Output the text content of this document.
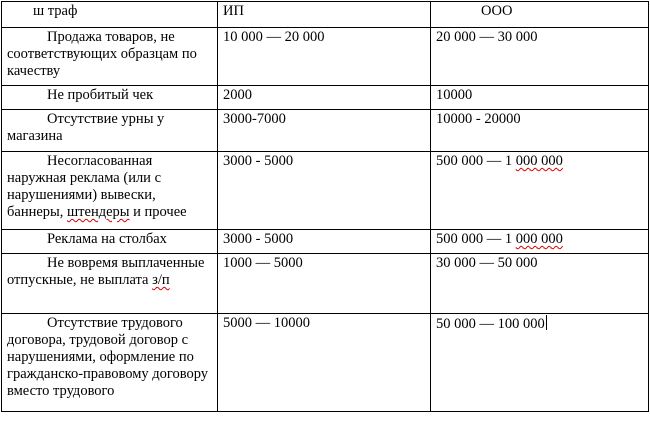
ш траф	ИП	ООО
Продажа товаров, не соответствующих образцам по качеству	10 000 — 20 000	20 000 — 30 000
Не пробитый чек	2000	10000
Отсутствие урны у магазина	3000-7000	10000 - 20000
Несогласованная наружная реклама (или с нарушениями) вывески, баннеры, штендеры и прочее	3000 - 5000	500 000 — 1 000 000
Реклама на столбах	3000 - 5000	500 000 — 1 000 000
Не вовремя выплаченные отпускные, не выплата з/п	1000 — 5000	30 000 — 50 000
Отсутствие трудового договора, трудовой договор с нарушениями, оформление по гражданско-правовому договору вместо трудового	5000 — 10000	50 000 — 100 000
